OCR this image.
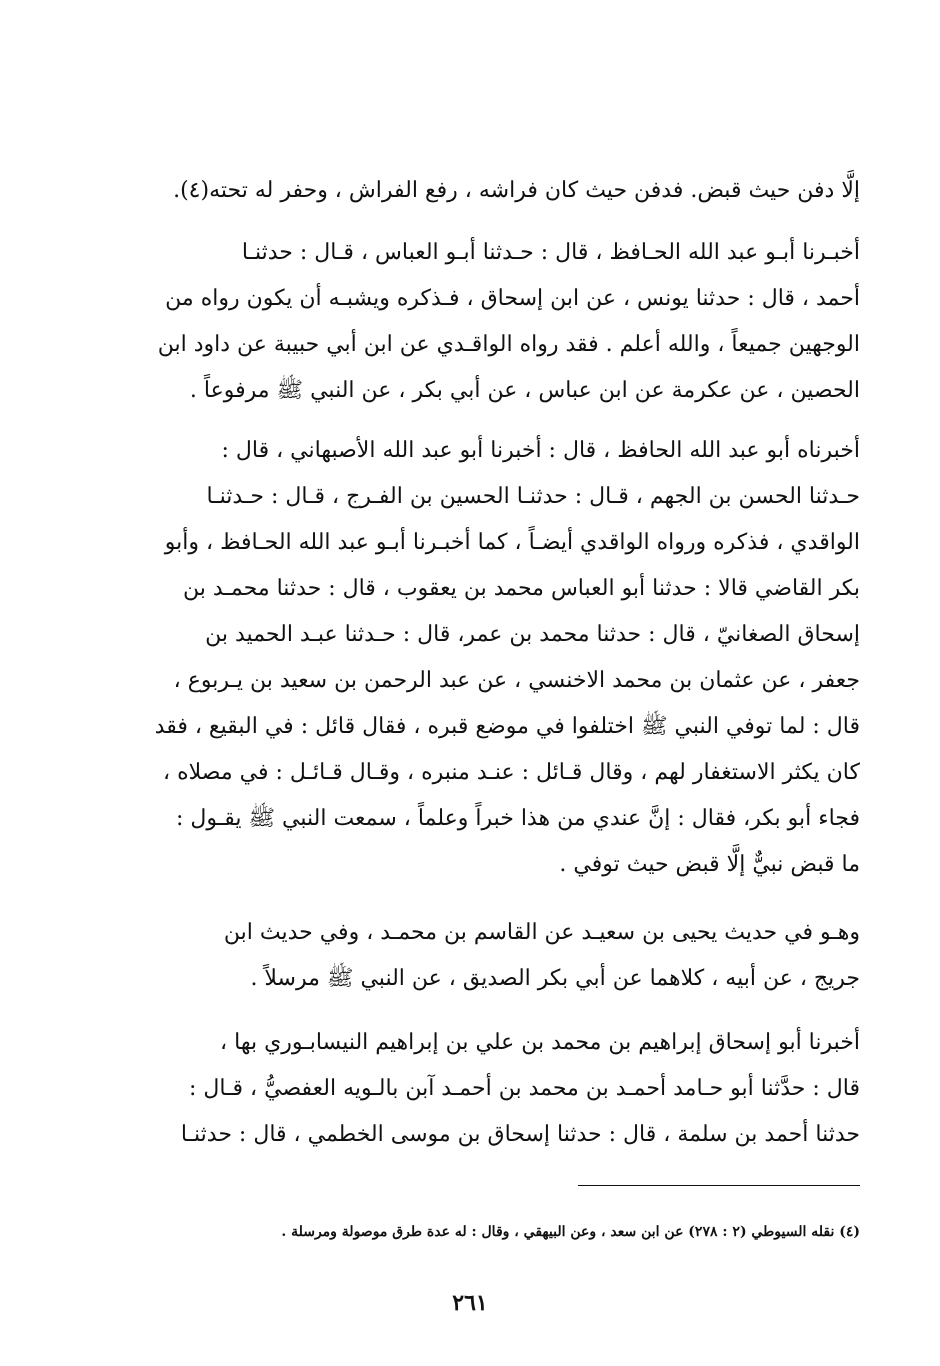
إلَّا دفن حيث قبض. فدفن حيث كان فراشه ، رفع الفراش ، وحفر له تحته(٤).
أخبـرنا أبـو عبد الله الحـافظ ، قال : حـدثنا أبـو العباس ، قـال : حدثنـا
أحمد ، قال : حدثنا يونس ، عن ابن إسحاق ، فـذكره ويشبـه أن يكون رواه من
الوجهين جميعاً ، والله أعلم . فقد رواه الواقـدي عن ابن أبي حبيبة عن داود ابن
الحصين ، عن عكرمة عن ابن عباس ، عن أبي بكر ، عن النبي ﷺ مرفوعاً .
أخبرناه أبو عبد الله الحافظ ، قال : أخبرنا أبو عبد الله الأصبهاني ، قال :
حـدثنا الحسن بن الجهم ، قـال : حدثنـا الحسين بن الفـرج ، قـال : حـدثنـا
الواقدي ، فذكره ورواه الواقدي أيضـاً ، كما أخبـرنا أبـو عبد الله الحـافظ ، وأبو
بكر القاضي قالا : حدثنا أبو العباس محمد بن يعقوب ، قال : حدثنا محمـد بن
إسحاق الصغانيّ ، قال : حدثنا محمد بن عمر، قال : حـدثنا عبـد الحميد بن
جعفر ، عن عثمان بن محمد الاخنسي ، عن عبد الرحمن بن سعيد بن يـربوع ،
قال : لما توفي النبي ﷺ اختلفوا في موضع قبره ، فقال قائل : في البقيع ، فقد
كان يكثر الاستغفار لهم ، وقال قـائل : عنـد منبره ، وقـال قـائـل : في مصلاه ،
فجاء أبو بكر، فقال : إنَّ عندي من هذا خبراً وعلماً ، سمعت النبي ﷺ يقـول :
ما قبض نبيٌّ إلَّا قبض حيث توفي .
وهـو في حديث يحيى بن سعيـد عن القاسم بن محمـد ، وفي حديث ابن
جريج ، عن أبيه ، كلاهما عن أبي بكر الصديق ، عن النبي ﷺ مرسلاً .
أخبرنا أبو إسحاق إبراهيم بن محمد بن علي بن إبراهيم النيسابـوري بها ،
قال : حدَّثنا أبو حـامد أحمـد بن محمد بن أحمـد آبن بالـويه العفصيُّ ، قـال :
حدثنا أحمد بن سلمة ، قال : حدثنا إسحاق بن موسى الخطمي ، قال : حدثنـا
(٤) نقله السيوطي (٢ : ٢٧٨) عن ابن سعد ، وعن البيهقي ، وقال : له عدة طرق موصولة ومرسلة .
٢٦١
